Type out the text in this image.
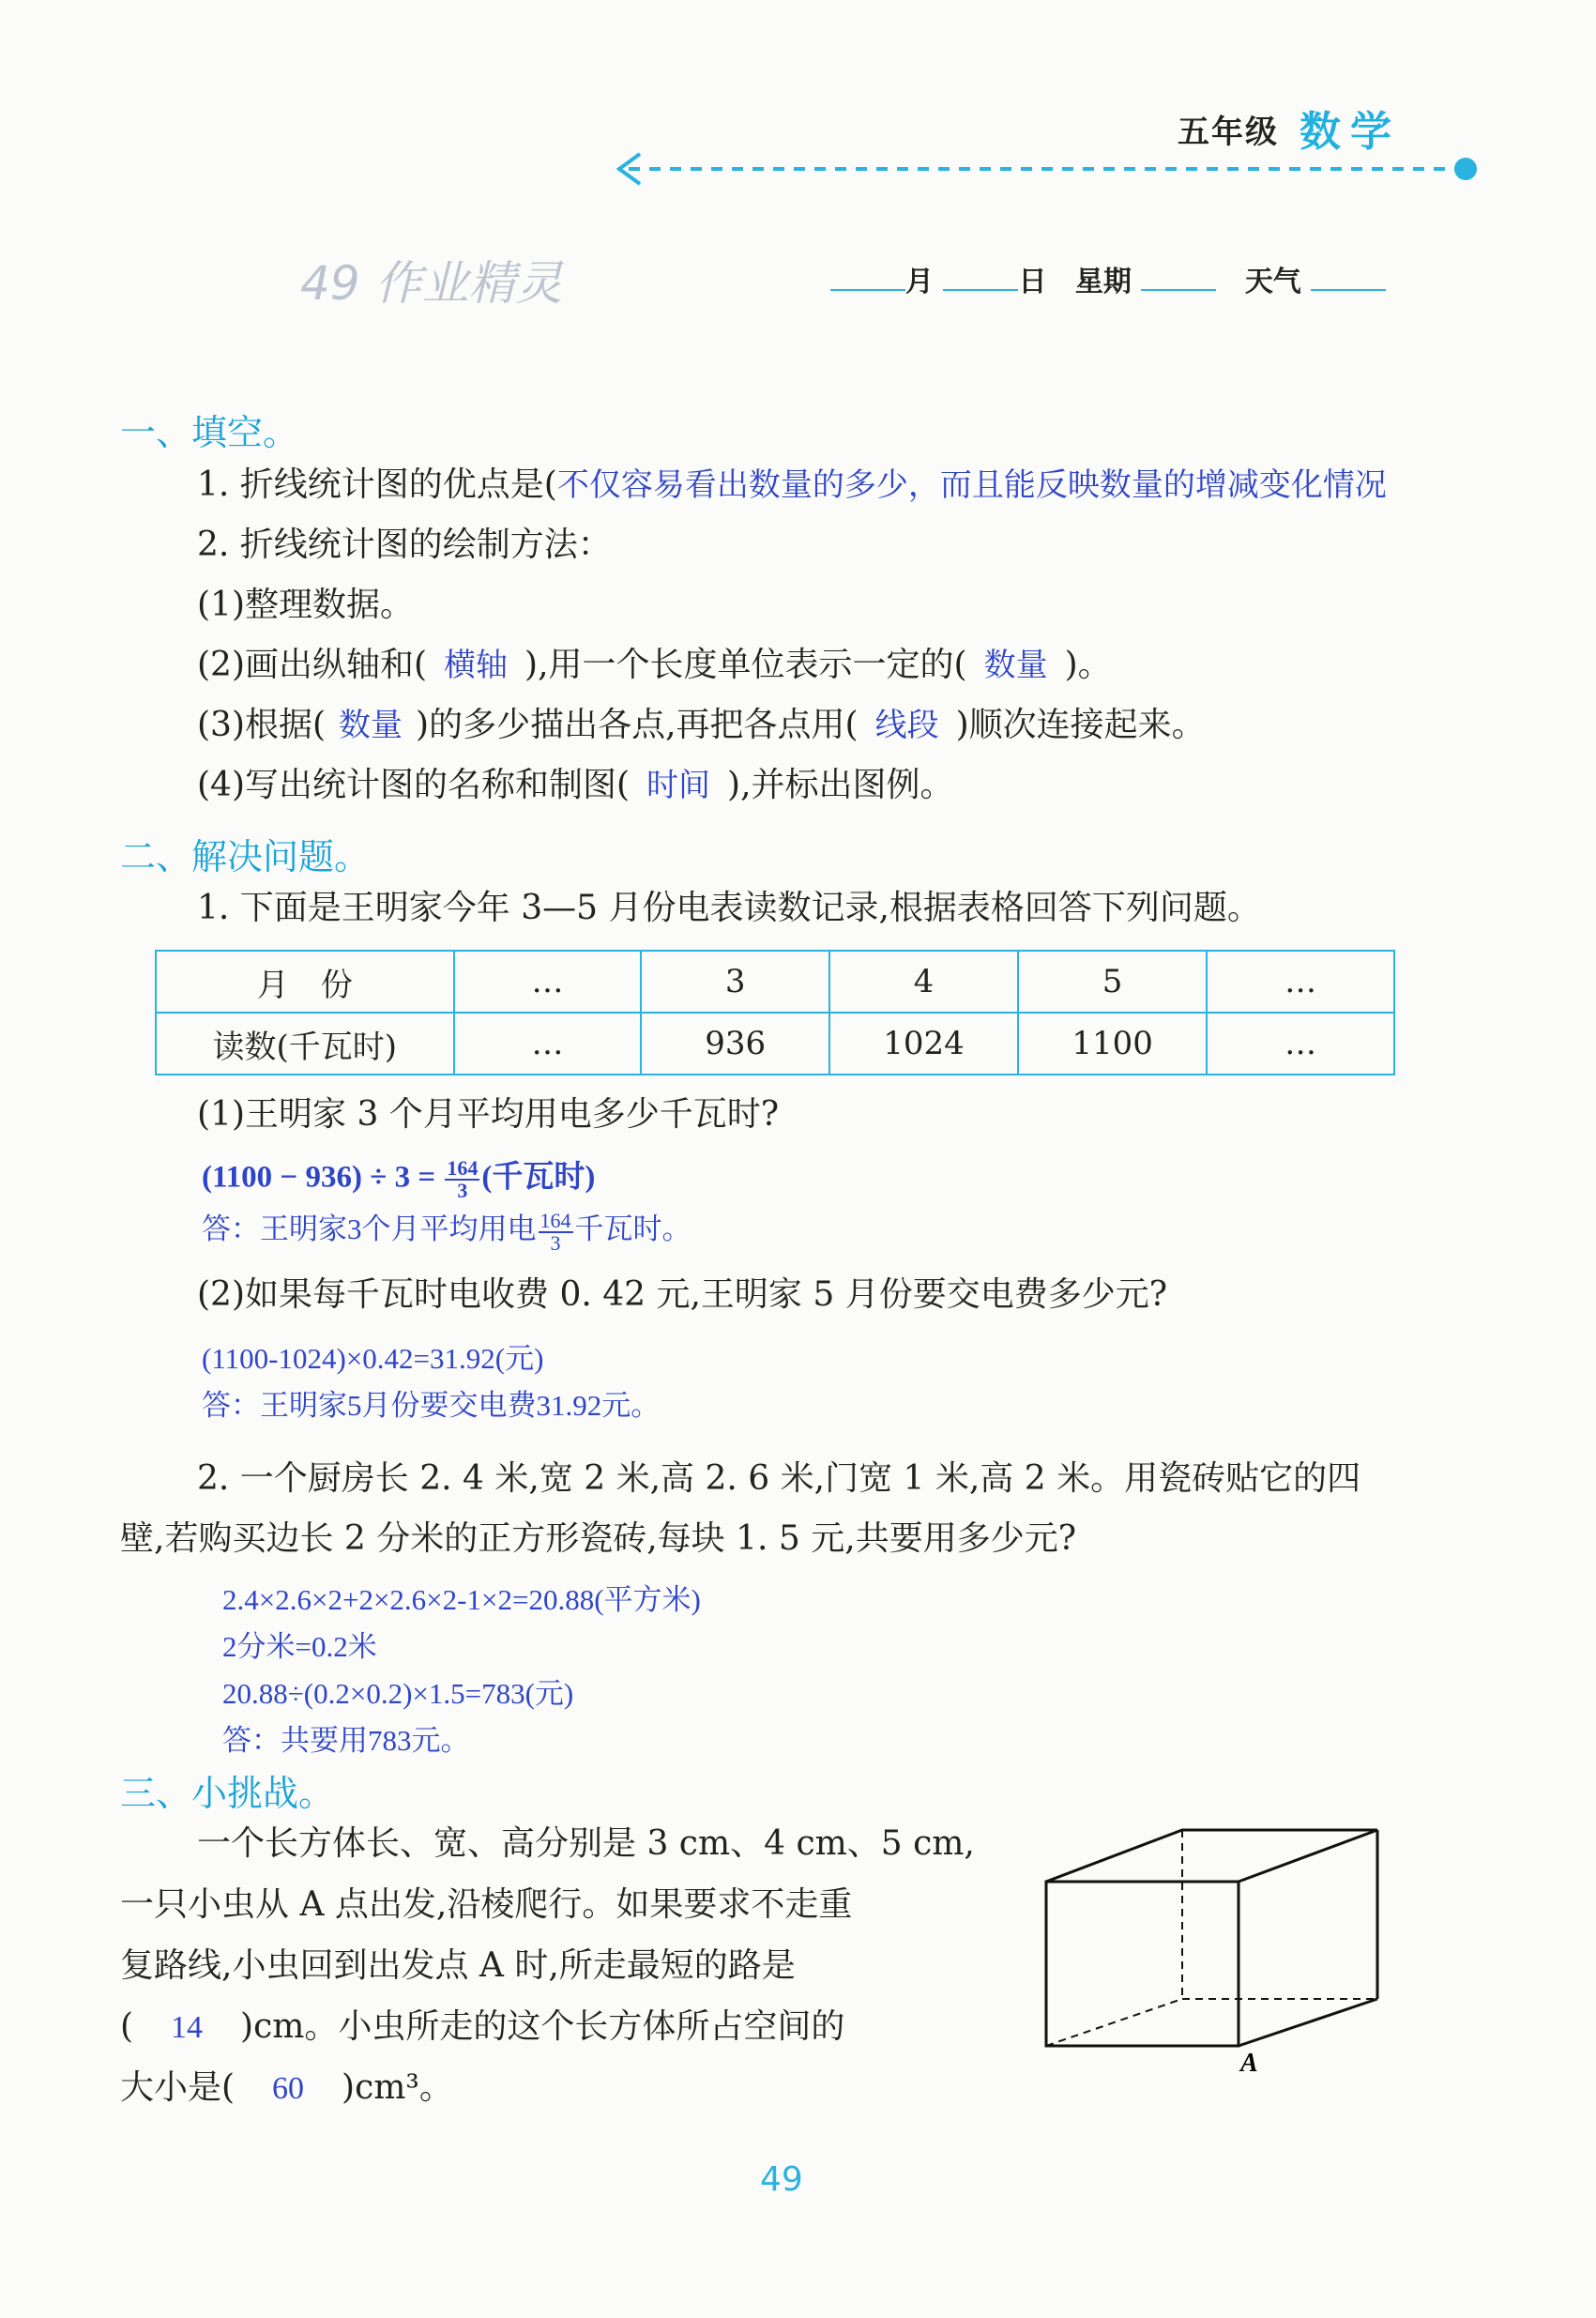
五年级 数学
49 作业精灵	月	日 星期	天气
一、填空。
1. 折线统计图的优点是(不仅容易看出数量的多少，而且能反映数量的增减变化情况
2. 折线统计图的绘制方法：
(1)整理数据。
(2)画出纵轴和( 横轴 ),用一个长度单位表示一定的( 数量 )。
(3)根据( 数量 )的多少描出各点,再把各点用( 线段 )顺次连接起来。
(4)写出统计图的名称和制图( 时间 ),并标出图例。
二、解决问题。
1. 下面是王明家今年 3—5 月份电表读数记录,根据表格回答下列问题。
月　份	…	3	4	5	…
读数(千瓦时)	…	936	1024	1100	…
(1)王明家 3 个月平均用电多少千瓦时?
$(1100 - 936) \div 3 = \frac{164}{3}$ (千瓦时)
答：王明家3个月平均用电 $\frac{164}{3}$ 千瓦时。
(2)如果每千瓦时电收费 0. 42 元,王明家 5 月份要交电费多少元?
(1100-1024)×0.42=31.92(元)
答：王明家5月份要交电费31.92元。
2. 一个厨房长 2. 4 米,宽 2 米,高 2. 6 米,门宽 1 米,高 2 米。用瓷砖贴它的四
壁,若购买边长 2 分米的正方形瓷砖,每块 1. 5 元,共要用多少元?
2.4×2.6×2+2×2.6×2-1×2=20.88(平方米)
2分米=0.2米
20.88÷(0.2×0.2)×1.5=783(元)
答：共要用783元。
三、小挑战。
一个长方体长、宽、高分别是 3 cm、4 cm、5 cm,
一只小虫从 A 点出发,沿棱爬行。如果要求不走重
复路线,小虫回到出发点 A 时,所走最短的路是
( 14 )cm。小虫所走的这个长方体所占空间的
大小是( 60 )cm³。
A
49
